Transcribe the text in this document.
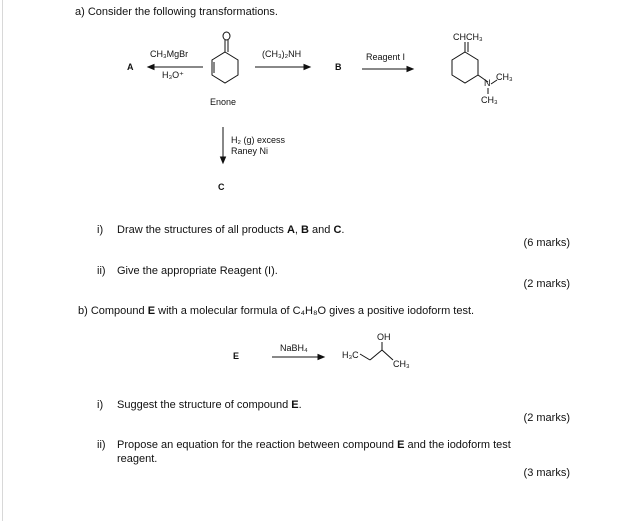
a) Consider the following transformations.
CH₃MgBr
H₃O⁺
A
(CH₃)₂NH
B
Reagent I
Enone
CHCH₃
N
CH₃
CH₃
H₂ (g) excess
Raney Ni
C
i) Draw the structures of all products A, B and C.
(6 marks)
ii) Give the appropriate Reagent (I).
(2 marks)
b) Compound E with a molecular formula of C₄H₈O gives a positive iodoform test.
E
NaBH₄
H₃C
OH
CH₃
i) Suggest the structure of compound E.
(2 marks)
ii) Propose an equation for the reaction between compound E and the iodoform test
reagent.
(3 marks)
